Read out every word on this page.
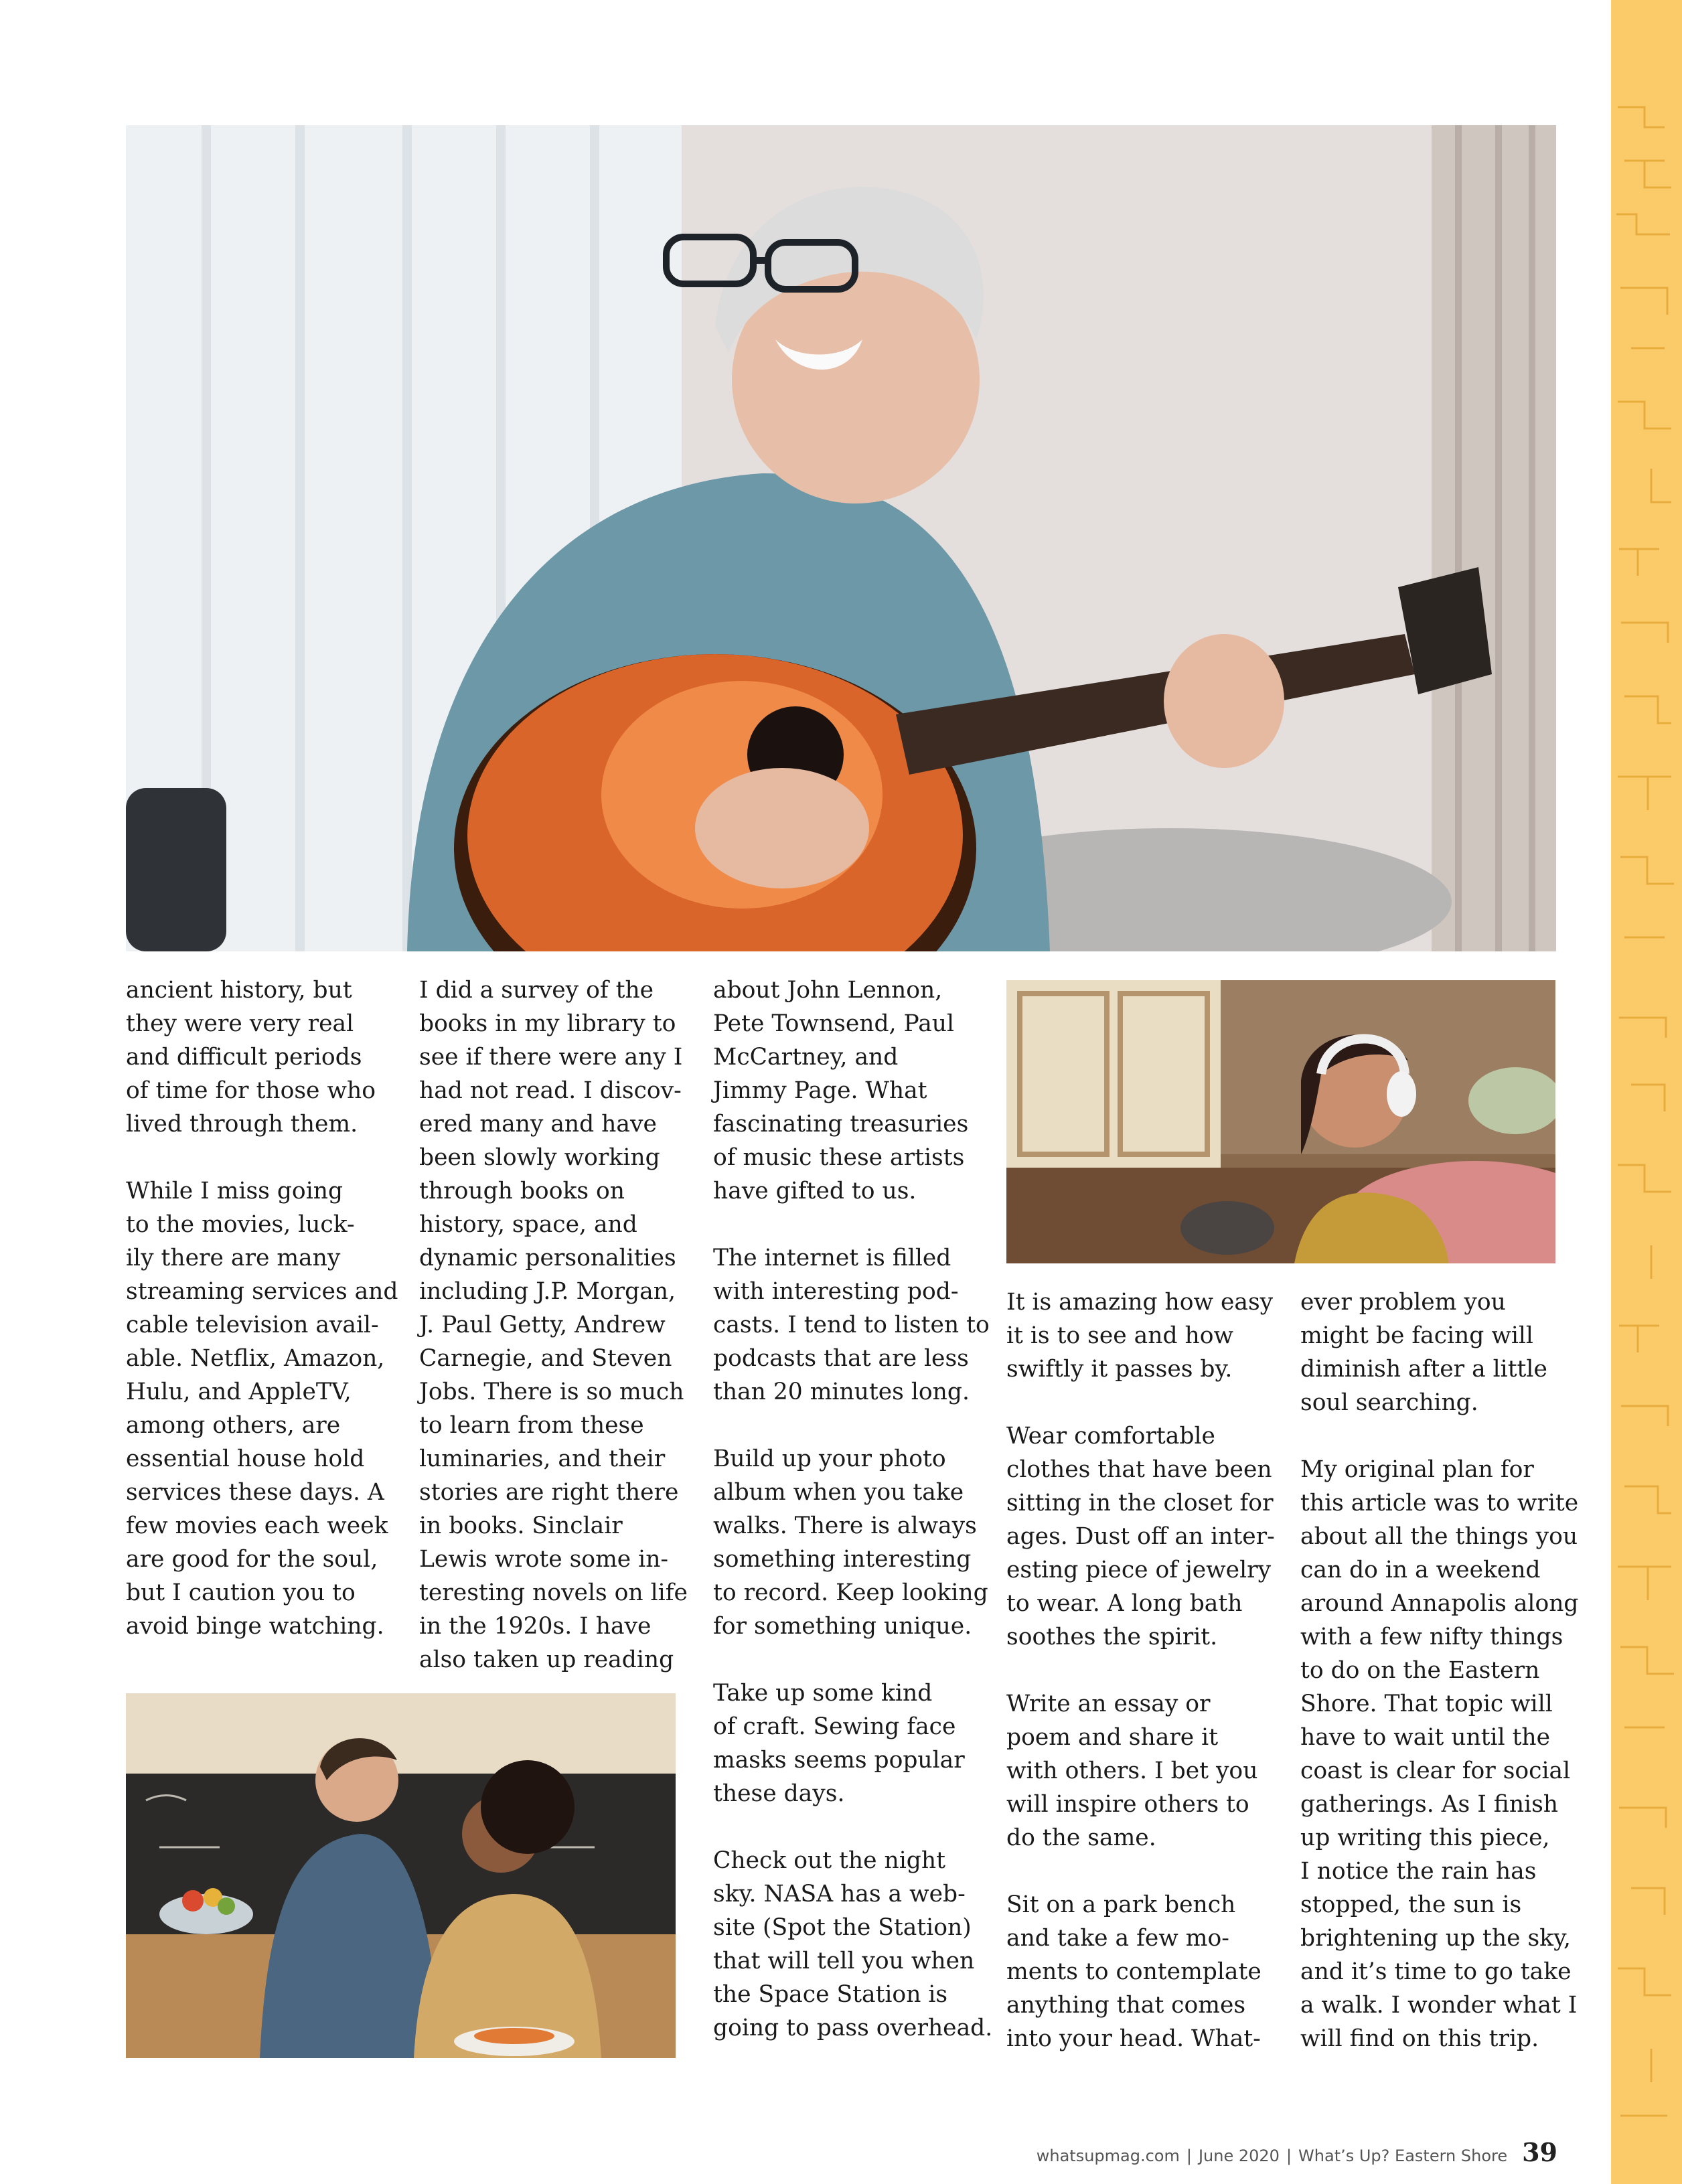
ancient history, but
they were very real
and difficult periods
of time for those who
lived through them.

While I miss going
to the movies, luck-
ily there are many
streaming services and
cable television avail-
able. Netflix, Amazon,
Hulu, and AppleTV,
among others, are
essential house hold
services these days. A
few movies each week
are good for the soul,
but I caution you to
avoid binge watching.

I did a survey of the
books in my library to
see if there were any I
had not read. I discov-
ered many and have
been slowly working
through books on
history, space, and
dynamic personalities
including J.P. Morgan,
J. Paul Getty, Andrew
Carnegie, and Steven
Jobs. There is so much
to learn from these
luminaries, and their
stories are right there
in books. Sinclair
Lewis wrote some in-
teresting novels on life
in the 1920s. I have
also taken up reading

about John Lennon,
Pete Townsend, Paul
McCartney, and
Jimmy Page. What
fascinating treasuries
of music these artists
have gifted to us.

The internet is filled
with interesting pod-
casts. I tend to listen to
podcasts that are less
than 20 minutes long.

Build up your photo
album when you take
walks. There is always
something interesting
to record. Keep looking
for something unique.

Take up some kind
of craft. Sewing face
masks seems popular
these days.

Check out the night
sky. NASA has a web-
site (Spot the Station)
that will tell you when
the Space Station is
going to pass overhead.

It is amazing how easy
it is to see and how
swiftly it passes by.

Wear comfortable
clothes that have been
sitting in the closet for
ages. Dust off an inter-
esting piece of jewelry
to wear. A long bath
soothes the spirit.

Write an essay or
poem and share it
with others. I bet you
will inspire others to
do the same.

Sit on a park bench
and take a few mo-
ments to contemplate
anything that comes
into your head. What-

ever problem you
might be facing will
diminish after a little
soul searching.

My original plan for
this article was to write
about all the things you
can do in a weekend
around Annapolis along
with a few nifty things
to do on the Eastern
Shore. That topic will
have to wait until the
coast is clear for social
gatherings. As I finish
up writing this piece,
I notice the rain has
stopped, the sun is
brightening up the sky,
and it’s time to go take
a walk. I wonder what I
will find on this trip.

whatsupmag.com | June 2020 | What’s Up? Eastern Shore 39
